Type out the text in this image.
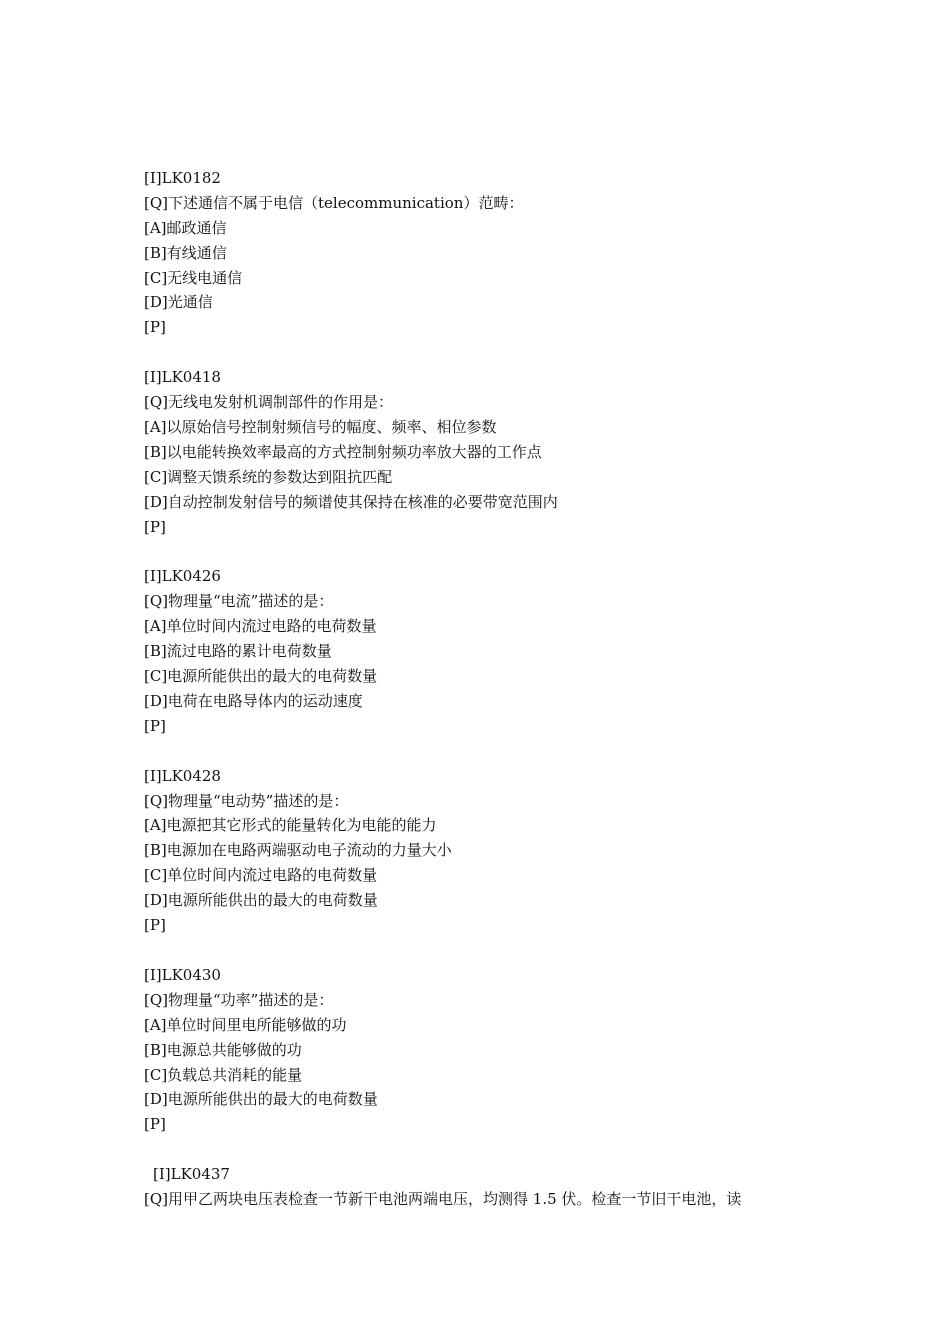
[I]LK0182
[Q]下述通信不属于电信（telecommunication）范畴：
[A]邮政通信
[B]有线通信
[C]无线电通信
[D]光通信
[P]
[I]LK0418
[Q]无线电发射机调制部件的作用是：
[A]以原始信号控制射频信号的幅度、频率、相位参数
[B]以电能转换效率最高的方式控制射频功率放大器的工作点
[C]调整天馈系统的参数达到阻抗匹配
[D]自动控制发射信号的频谱使其保持在核准的必要带宽范围内
[P]
[I]LK0426
[Q]物理量“电流”描述的是：
[A]单位时间内流过电路的电荷数量
[B]流过电路的累计电荷数量
[C]电源所能供出的最大的电荷数量
[D]电荷在电路导体内的运动速度
[P]
[I]LK0428
[Q]物理量“电动势”描述的是：
[A]电源把其它形式的能量转化为电能的能力
[B]电源加在电路两端驱动电子流动的力量大小
[C]单位时间内流过电路的电荷数量
[D]电源所能供出的最大的电荷数量
[P]
[I]LK0430
[Q]物理量“功率”描述的是：
[A]单位时间里电所能够做的功
[B]电源总共能够做的功
[C]负载总共消耗的能量
[D]电源所能供出的最大的电荷数量
[P]
[I]LK0437
[Q]用甲乙两块电压表检查一节新干电池两端电压，均测得 1.5 伏。检查一节旧干电池，读
